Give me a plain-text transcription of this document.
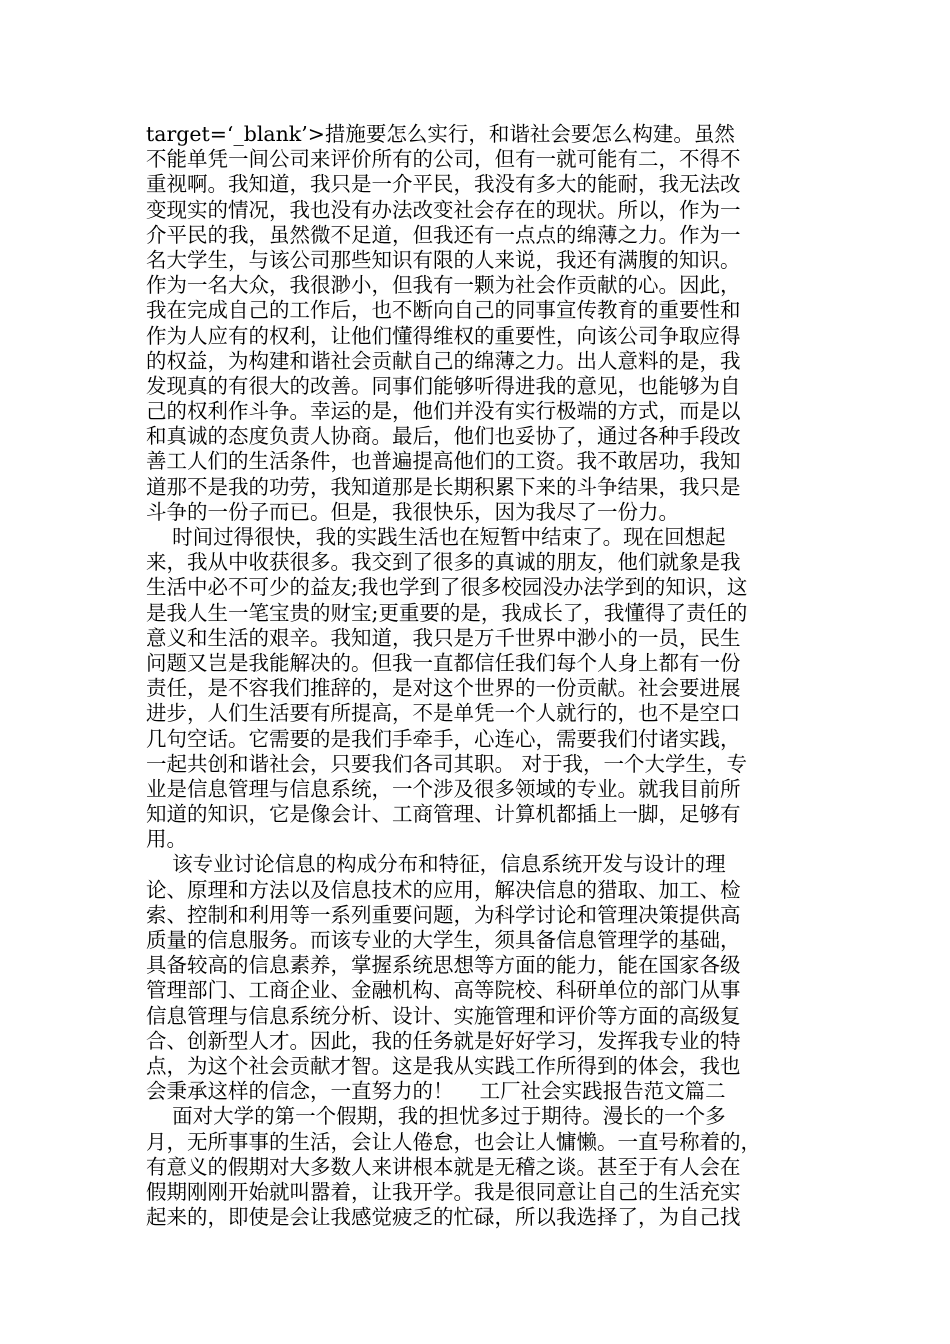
target=‘_blank’>措施要怎么实行，和谐社会要怎么构建。虽然
不能单凭一间公司来评价所有的公司，但有一就可能有二，不得不
重视啊。我知道，我只是一介平民，我没有多大的能耐，我无法改
变现实的情况，我也没有办法改变社会存在的现状。所以，作为一
介平民的我，虽然微不足道，但我还有一点点的绵薄之力。作为一
名大学生，与该公司那些知识有限的人来说，我还有满腹的知识。
作为一名大众，我很渺小，但我有一颗为社会作贡献的心。因此，
我在完成自己的工作后，也不断向自己的同事宣传教育的重要性和
作为人应有的权利，让他们懂得维权的重要性，向该公司争取应得
的权益，为构建和谐社会贡献自己的绵薄之力。出人意料的是，我
发现真的有很大的改善。同事们能够听得进我的意见，也能够为自
己的权利作斗争。幸运的是，他们并没有实行极端的方式，而是以
和真诚的态度负责人协商。最后，他们也妥协了，通过各种手段改
善工人们的生活条件，也普遍提高他们的工资。我不敢居功，我知
道那不是我的功劳，我知道那是长期积累下来的斗争结果，我只是
斗争的一份子而已。但是，我很快乐，因为我尽了一份力。
时间过得很快，我的实践生活也在短暂中结束了。现在回想起
来，我从中收获很多。我交到了很多的真诚的朋友，他们就象是我
生活中必不可少的益友;我也学到了很多校园没办法学到的知识，这
是我人生一笔宝贵的财宝;更重要的是，我成长了，我懂得了责任的
意义和生活的艰辛。我知道，我只是万千世界中渺小的一员，民生
问题又岂是我能解决的。但我一直都信任我们每个人身上都有一份
责任，是不容我们推辞的，是对这个世界的一份贡献。社会要进展
进步，人们生活要有所提高，不是单凭一个人就行的，也不是空口
几句空话。它需要的是我们手牵手，心连心，需要我们付诸实践，
一起共创和谐社会，只要我们各司其职。 对于我，一个大学生，专
业是信息管理与信息系统，一个涉及很多领域的专业。就我目前所
知道的知识，它是像会计、工商管理、计算机都插上一脚，足够有
用。
该专业讨论信息的构成分布和特征，信息系统开发与设计的理
论、原理和方法以及信息技术的应用，解决信息的猎取、加工、检
索、控制和利用等一系列重要问题，为科学讨论和管理决策提供高
质量的信息服务。而该专业的大学生，须具备信息管理学的基础，
具备较高的信息素养，掌握系统思想等方面的能力，能在国家各级
管理部门、工商企业、金融机构、高等院校、科研单位的部门从事
信息管理与信息系统分析、设计、实施管理和评价等方面的高级复
合、创新型人才。因此，我的任务就是好好学习，发挥我专业的特
点，为这个社会贡献才智。这是我从实践工作所得到的体会，我也
会秉承这样的信念，一直努力的！    工厂社会实践报告范文篇二
面对大学的第一个假期，我的担忧多过于期待。漫长的一个多
月，无所事事的生活，会让人倦怠，也会让人慵懒。一直号称着的，
有意义的假期对大多数人来讲根本就是无稽之谈。甚至于有人会在
假期刚刚开始就叫嚣着，让我开学。我是很同意让自己的生活充实
起来的，即使是会让我感觉疲乏的忙碌，所以我选择了，为自己找
